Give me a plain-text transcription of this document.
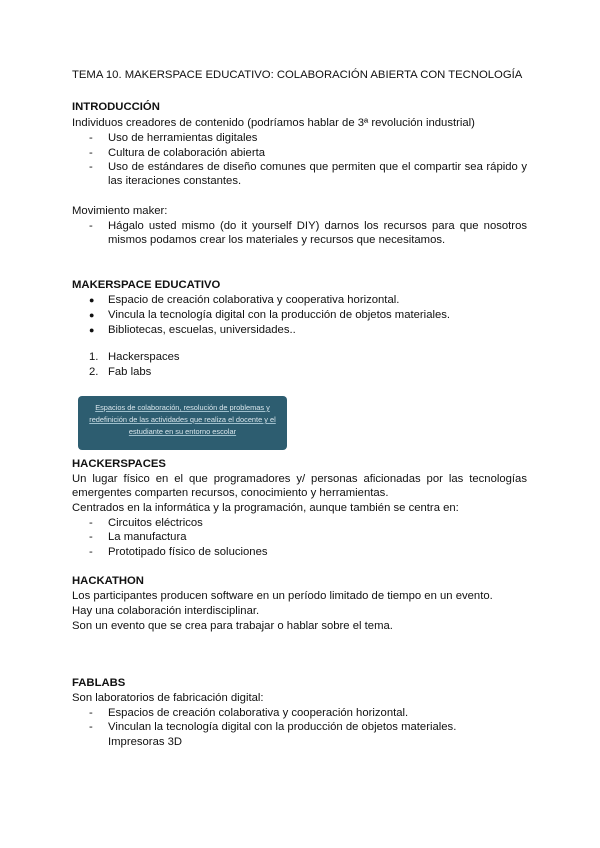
TEMA 10. MAKERSPACE EDUCATIVO: COLABORACIÓN ABIERTA CON TECNOLOGÍA
INTRODUCCIÓN
Individuos creadores de contenido (podríamos hablar de 3ª revolución industrial)
- Uso de herramientas digitales
- Cultura de colaboración abierta
- Uso de estándares de diseño comunes que permiten que el compartir sea rápido y
las iteraciones constantes.
Movimiento maker:
- Hágalo usted mismo (do it yourself DIY) darnos los recursos para que nosotros
mismos podamos crear los materiales y recursos que necesitamos.
MAKERSPACE EDUCATIVO
● Espacio de creación colaborativa y cooperativa horizontal.
● Vincula la tecnología digital con la producción de objetos materiales.
● Bibliotecas, escuelas, universidades..
1. Hackerspaces
2. Fab labs
Espacios de colaboración, resolución de problemas y redefinición de las actividades que realiza el docente y el estudiante en su entorno escolar
HACKERSPACES
Un lugar físico en el que programadores y/ personas aficionadas por las tecnologías
emergentes comparten recursos, conocimiento y herramientas.
Centrados en la informática y la programación, aunque también se centra en:
- Circuitos eléctricos
- La manufactura
- Prototipado físico de soluciones
HACKATHON
Los participantes producen software en un período limitado de tiempo en un evento.
Hay una colaboración interdisciplinar.
Son un evento que se crea para trabajar o hablar sobre el tema.
FABLABS
Son laboratorios de fabricación digital:
- Espacios de creación colaborativa y cooperación horizontal.
- Vinculan la tecnología digital con la producción de objetos materiales.
Impresoras 3D
